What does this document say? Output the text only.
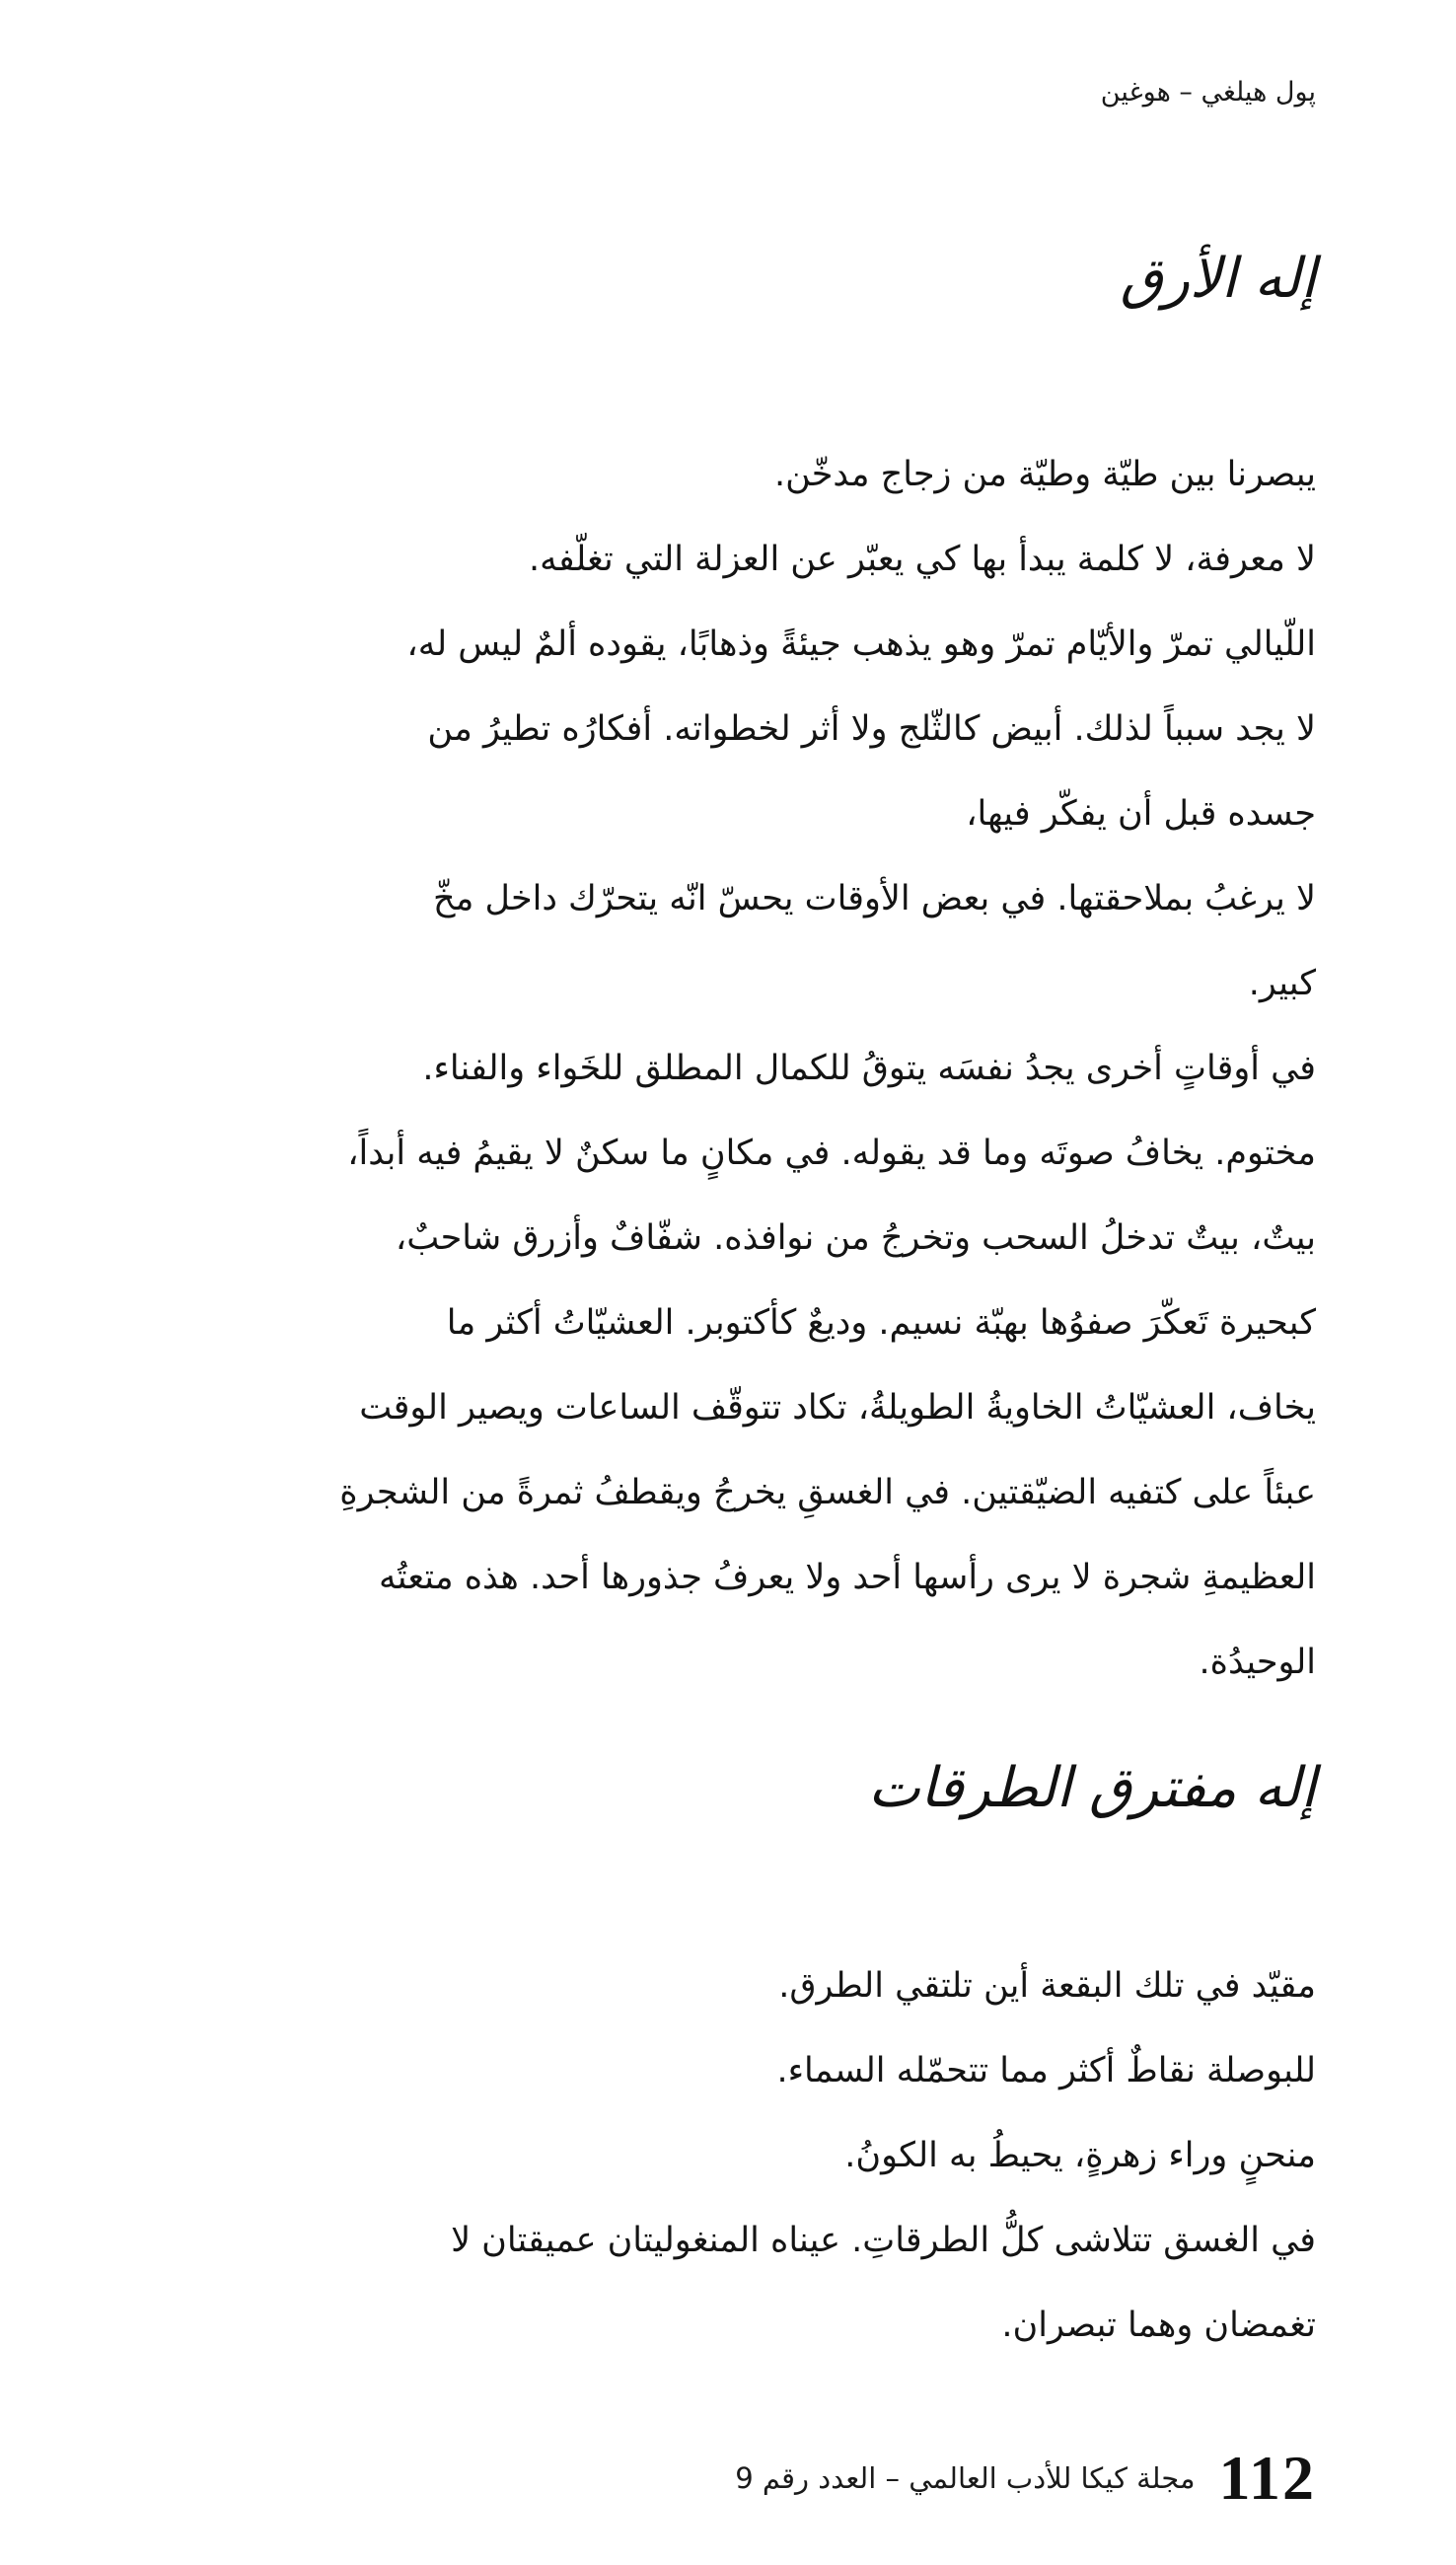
پول هيلغي – هوغين
إله الأرق
يبصرنا بين طيّة وطيّة من زجاج مدخّن.
لا معرفة، لا كلمة يبدأ بها كي يعبّر عن العزلة التي تغلّفه.
اللّيالي تمرّ والأيّام تمرّ وهو يذهب جيئةً وذهابًا، يقوده ألمٌ ليس له،
لا يجد سبباً لذلك. أبيض كالثّلج ولا أثر لخطواته. أفكارُه تطيرُ من
جسده قبل أن يفكّر فيها،
لا يرغبُ بملاحقتها. في بعض الأوقات يحسّ انّه يتحرّك داخل مخّ
كبير.
في أوقاتٍ أخرى يجدُ نفسَه يتوقُ للكمال المطلق للخَواء والفناء.
مختوم. يخافُ صوتَه وما قد يقوله. في مكانٍ ما سكنٌ لا يقيمُ فيه أبداً،
بيتٌ، بيتٌ تدخلُ السحب وتخرجُ من نوافذه. شفّافٌ وأزرق شاحبٌ،
كبحيرة تَعكّرَ صفوُها بهبّة نسيم. وديعٌ كأكتوبر. العشيّاتُ أكثر ما
يخاف، العشيّاتُ الخاويةُ الطويلةُ، تكاد تتوقّف الساعات ويصير الوقت
عبئاً على كتفيه الضيّقتين. في الغسقِ يخرجُ ويقطفُ ثمرةً من الشجرةِ
العظيمةِ شجرة لا يرى رأسها أحد ولا يعرفُ جذورها أحد. هذه متعتُه
الوحيدُة.
إله مفترق الطرقات
مقيّد في تلك البقعة أين تلتقي الطرق.
للبوصلة نقاطٌ أكثر مما تتحمّله السماء.
منحنٍ وراء زهرةٍ، يحيطُ به الكونُ.
في الغسق تتلاشى كلُّ الطرقاتِ. عيناه المنغوليتان عميقتان لا
تغمضان وهما تبصران.
مجلة كيكا للأدب العالمي – العدد رقم 9 112
